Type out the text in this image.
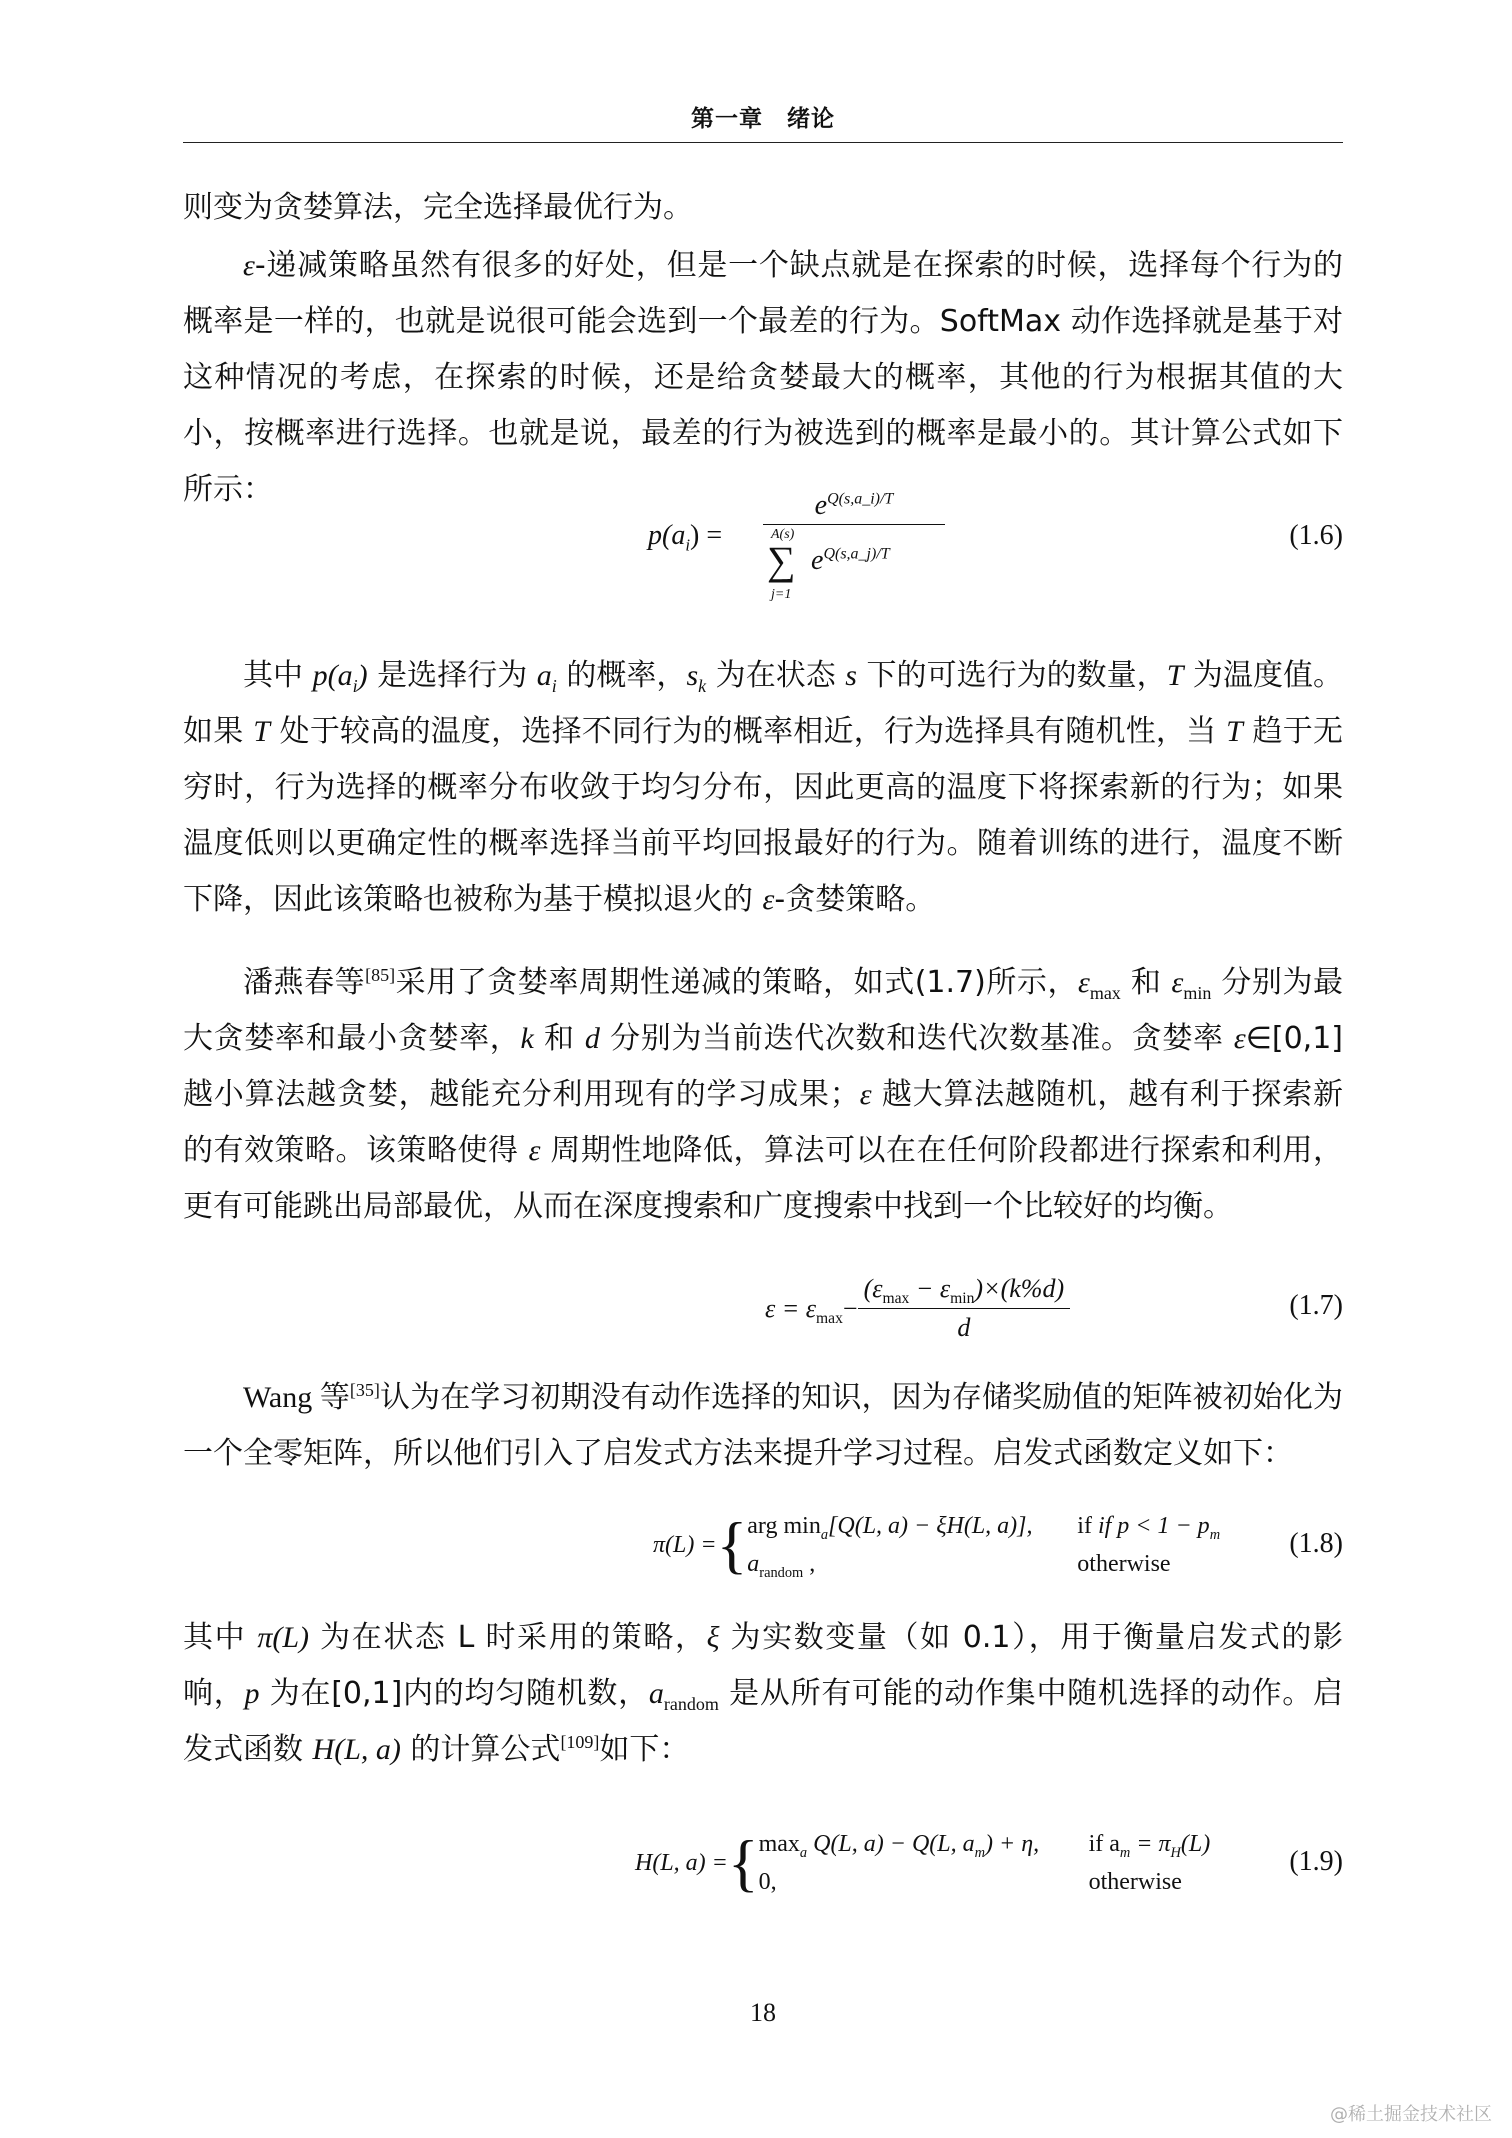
第一章　绪论
则变为贪婪算法，完全选择最优行为。
ε-递减策略虽然有很多的好处，但是一个缺点就是在探索的时候，选择每个行为的概率是一样的，也就是说很可能会选到一个最差的行为。SoftMax 动作选择就是基于对这种情况的考虑，在探索的时候，还是给贪婪最大的概率，其他的行为根据其值的大小，按概率进行选择。也就是说，最差的行为被选到的概率是最小的。其计算公式如下所示：
$p(a_i) = e^{Q(s,a\_i)/T}$
A(s)
∑
j=1
$e^{Q(s,a\_j)/T}$	(1.6)
其中 $p(a_i)$ 是选择行为 $a_i$ 的概率，$s_k$ 为在状态 s 下的可选行为的数量，T 为温度值。如果 T 处于较高的温度，选择不同行为的概率相近，行为选择具有随机性，当 T 趋于无穷时，行为选择的概率分布收敛于均匀分布，因此更高的温度下将探索新的行为；如果温度低则以更确定性的概率选择当前平均回报最好的行为。随着训练的进行，温度不断下降，因此该策略也被称为基于模拟退火的 ε-贪婪策略。
潘燕春等[85]采用了贪婪率周期性递减的策略，如式(1.7)所示，$\varepsilon_{max}$ 和 $\varepsilon_{min}$ 分别为最大贪婪率和最小贪婪率，k 和 d 分别为当前迭代次数和迭代次数基准。贪婪率 ε∈[0,1]越小算法越贪婪，越能充分利用现有的学习成果；ε 越大算法越随机，越有利于探索新的有效策略。该策略使得 ε 周期性地降低，算法可以在在任何阶段都进行探索和利用，更有可能跳出局部最优，从而在深度搜索和广度搜索中找到一个比较好的均衡。
$\varepsilon = \varepsilon_{max} - \frac{(\varepsilon_{max} - \varepsilon_{min})\times(k\%d)}{d}$	(1.7)
Wang 等[35]认为在学习初期没有动作选择的知识，因为存储奖励值的矩阵被初始化为一个全零矩阵，所以他们引入了启发式方法来提升学习过程。启发式函数定义如下：
π(L) = { arg $\min_a[Q(L$, a) − ξH(L, a)],	if if $p < 1 - p_m$
$a_{random}$ ,	otherwise
(1.8)
其中 π(L) 为在状态 L 时采用的策略，ξ 为实数变量（如 0.1），用于衡量启发式的影响，p 为在[0,1]内的均匀随机数，$a_{random}$ 是从所有可能的动作集中随机选择的动作。启发式函数 H(L, a) 的计算公式[109]如下：
H(L, a) = { $\max_a Q(L$, a) − Q(L, $a_m) + \eta$,	if $a_m = \pi_H(L)$
0,	otherwise
(1.9)
18
@稀土掘金技术社区
